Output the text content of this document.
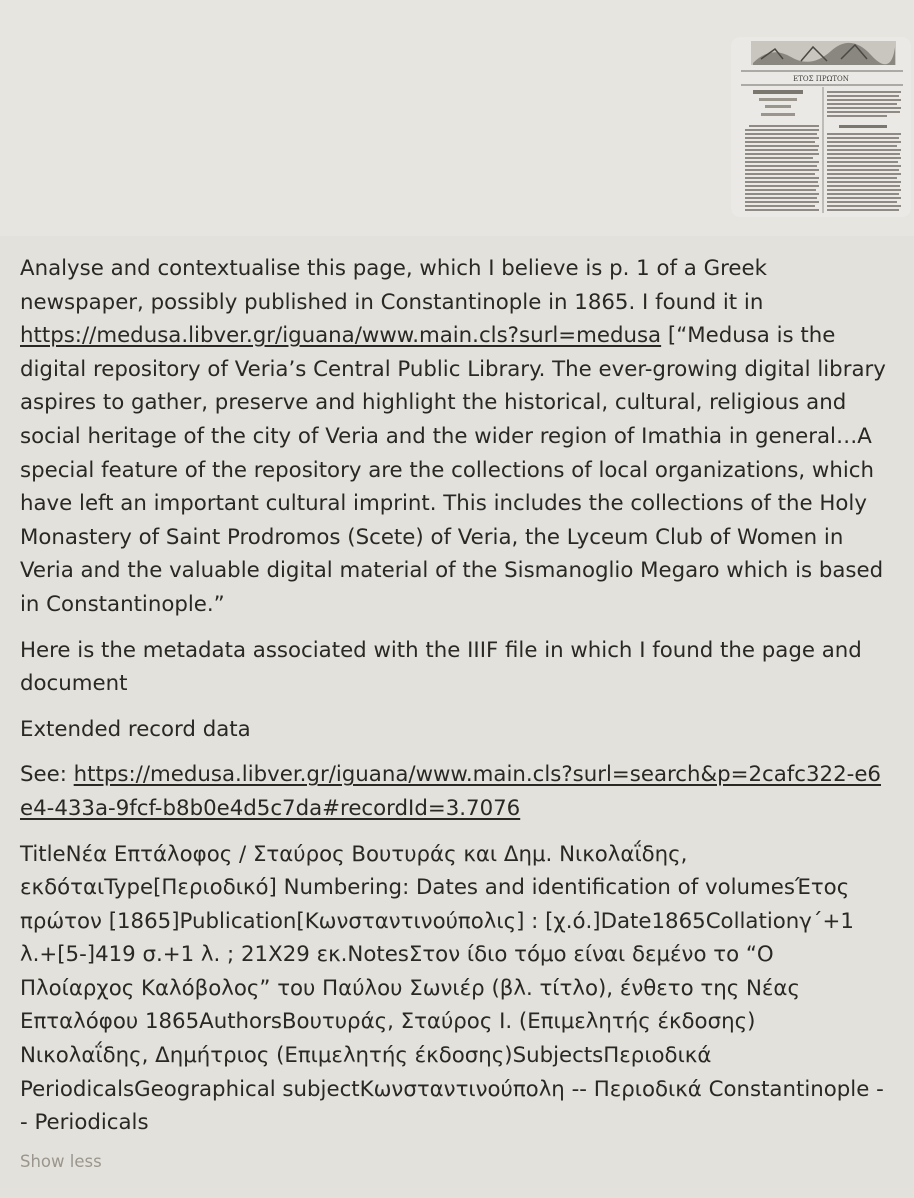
ΕΤΟΣ ΠΡΩΤΟΝ

Analyse and contextualise this page, which I believe is p. 1 of a Greek newspaper, possibly published in Constantinople in 1865. I found it in https://medusa.libver.gr/iguana/www.main.cls?surl=medusa [“Medusa is the digital repository of Veria’s Central Public Library. The ever-growing digital library aspires to gather, preserve and highlight the historical, cultural, religious and social heritage of the city of Veria and the wider region of Imathia in general…A special feature of the repository are the collections of local organizations, which have left an important cultural imprint. This includes the collections of the Holy Monastery of Saint Prodromos (Scete) of Veria, the Lyceum Club of Women in Veria and the valuable digital material of the Sismanoglio Megaro which is based in Constantinople.”

Here is the metadata associated with the IIIF file in which I found the page and document

Extended record data

See: https://medusa.libver.gr/iguana/www.main.cls?surl=search&p=2cafc322-e6e4-433a-9fcf-b8b0e4d5c7da#recordId=3.7076

TitleΝέα Επτάλοφος / Σταύρος Βουτυράς και Δημ. Νικολαΐδης, εκδόταιType[Περιοδικό] Numbering: Dates and identification of volumesΈτος πρώτον [1865]Publication[Κωνσταντινούπολις] : [χ.ό.]Date1865Collationγ΄+1 λ.+[5-]419 σ.+1 λ. ; 21X29 εκ.NotesΣτον ίδιο τόμο είναι δεμένο το “Ο Πλοίαρχος Καλόβολος” του Παύλου Σωνιέρ (βλ. τίτλο), ένθετο της Νέας Επταλόφου 1865AuthorsΒουτυράς, Σταύρος Ι. (Επιμελητής έκδοσης) Νικολαΐδης, Δημήτριος (Επιμελητής έκδοσης)SubjectsΠεριοδικά PeriodicalsGeographical subjectΚωνσταντινούπολη -- Περιοδικά Constantinople -- Periodicals

Show less
